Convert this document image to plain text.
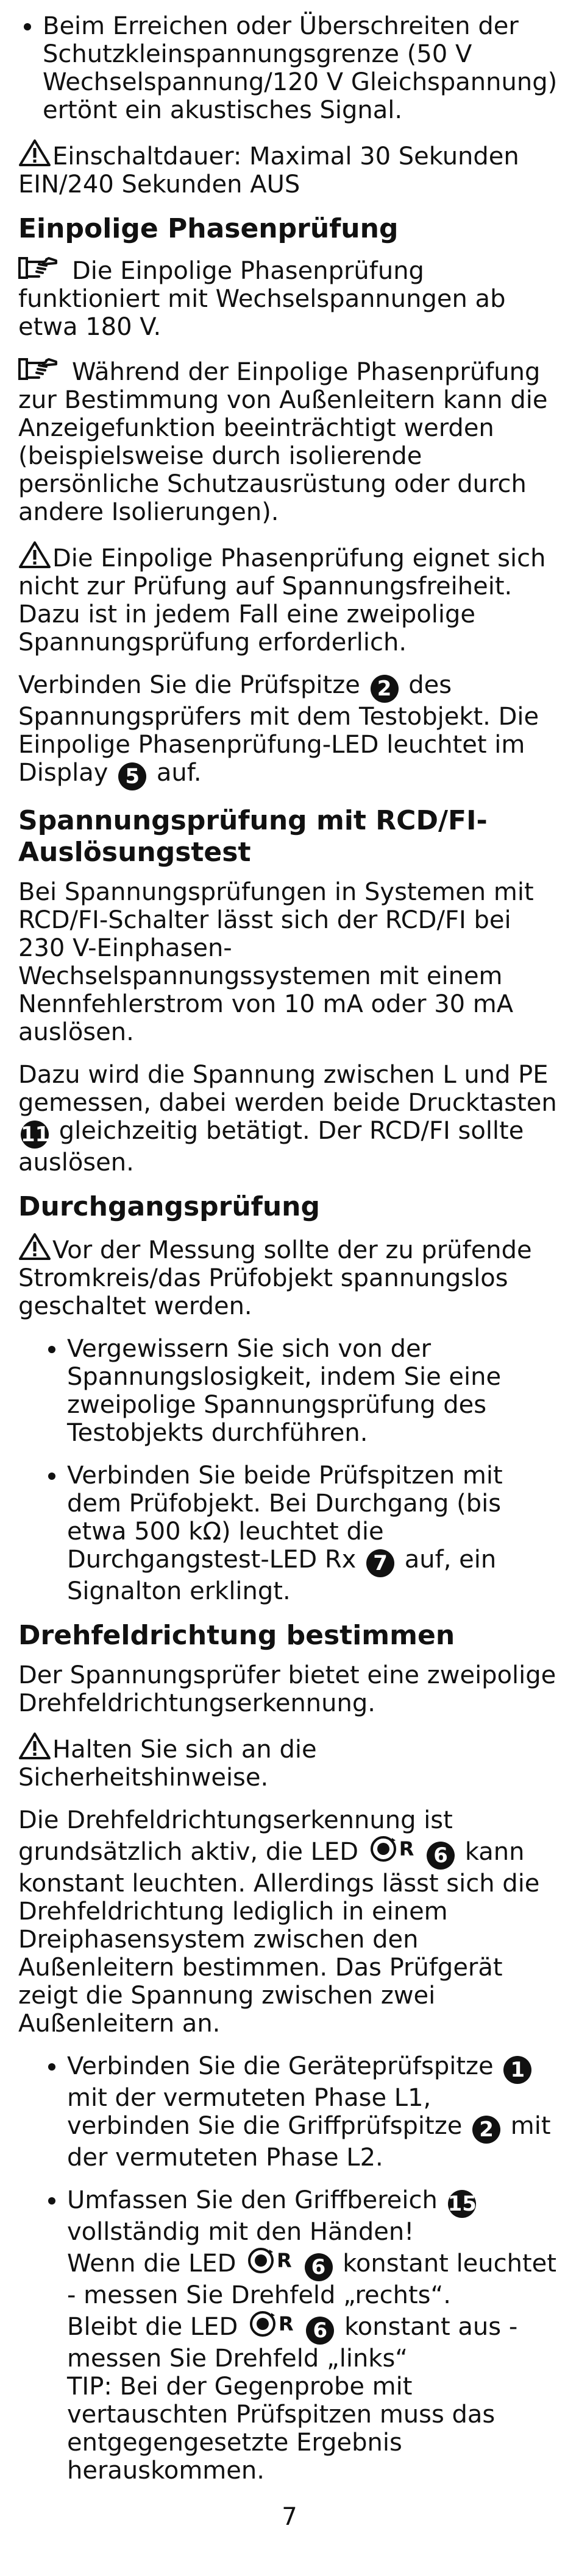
• Beim Erreichen oder Überschreiten der Schutzkleinspannungsgrenze (50 V Wechselspannung/120 V Gleichspannung) ertönt ein akustisches Signal.

Einschaltdauer: Maximal 30 Sekunden EIN/240 Sekunden AUS

Einpolige Phasenprüfung

Die Einpolige Phasenprüfung funktioniert mit Wechselspannungen ab etwa 180 V.

Während der Einpolige Phasenprüfung zur Bestimmung von Außenleitern kann die Anzeigefunktion beeinträchtigt werden (beispielsweise durch isolierende persönliche Schutzausrüstung oder durch andere Isolierungen).

Die Einpolige Phasenprüfung eignet sich nicht zur Prüfung auf Spannungsfreiheit. Dazu ist in jedem Fall eine zweipolige Spannungsprüfung erforderlich.

Verbinden Sie die Prüfspitze 2 des Spannungsprüfers mit dem Testobjekt. Die Einpolige Phasenprüfung-LED leuchtet im Display 5 auf.

Spannungsprüfung mit RCD/FI-
Auslösungstest

Bei Spannungsprüfungen in Systemen mit RCD/FI-Schalter lässt sich der RCD/FI bei 230 V-Einphasen-Wechselspannungssystemen mit einem Nennfehlerstrom von 10 mA oder 30 mA auslösen.

Dazu wird die Spannung zwischen L und PE gemessen, dabei werden beide Drucktasten 11 gleichzeitig betätigt. Der RCD/FI sollte auslösen.

Durchgangsprüfung

Vor der Messung sollte der zu prüfende Stromkreis/das Prüfobjekt spannungslos geschaltet werden.

• Vergewissern Sie sich von der Spannungslosigkeit, indem Sie eine zweipolige Spannungsprüfung des Testobjekts durchführen.
• Verbinden Sie beide Prüfspitzen mit dem Prüfobjekt. Bei Durchgang (bis etwa 500 kΩ) leuchtet die Durchgangstest-LED Rx 7 auf, ein Signalton erklingt.
Drehfeldrichtung bestimmen

Der Spannungsprüfer bietet eine zweipolige Drehfeldrichtungserkennung.

Halten Sie sich an die Sicherheitshinweise.

Die Drehfeldrichtungserkennung ist grundsätzlich aktiv, die LED R 6 kann konstant leuchten. Allerdings lässt sich die Drehfeldrichtung lediglich in einem Dreiphasensystem zwischen den Außenleitern bestimmen. Das Prüfgerät zeigt die Spannung zwischen zwei Außenleitern an.

• Verbinden Sie die Geräteprüfspitze 1 mit der vermuteten Phase L1, verbinden Sie die Griffprüfspitze 2 mit der vermuteten Phase L2.
• Umfassen Sie den Griffbereich 15 vollständig mit den Händen!
Wenn die LED R 6 konstant leuchtet - messen Sie Drehfeld „rechts“.
Bleibt die LED R 6 konstant aus - messen Sie Drehfeld „links“
TIP: Bei der Gegenprobe mit vertauschten Prüfspitzen muss das entgegengesetzte Ergebnis herauskommen.
7
